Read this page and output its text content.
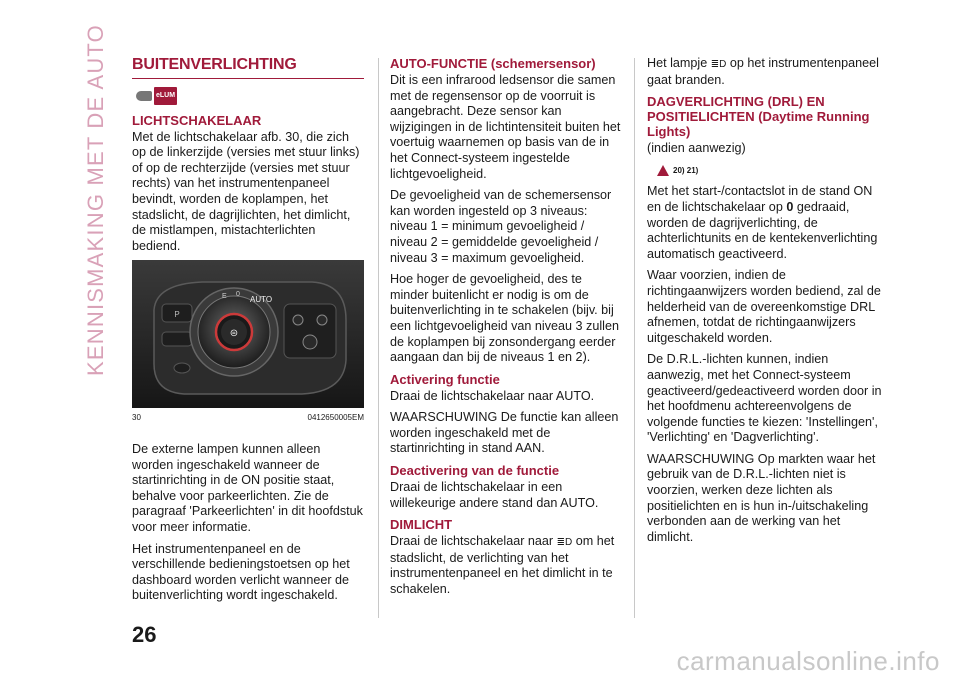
KENNISMAKING MET DE AUTO BUITENVERLICHTING
eLUM
LICHTSCHAKELAAR

Met de lichtschakelaar afb. 30, die zich op de linkerzijde (versies met stuur links) of op de rechterzijde (versies met stuur rechts) van het instrumentenpaneel bevindt, worden de koplampen, het stadslicht, de dagrijlichten, het dimlicht, de mistlampen, mistachterlichten bediend.

P
⊜
AUTO
E 0
30	0412650005EM

De externe lampen kunnen alleen worden ingeschakeld wanneer de startinrichting in de ON positie staat, behalve voor parkeerlichten. Zie de paragraaf 'Parkeerlichten' in dit hoofdstuk voor meer informatie.

Het instrumentenpaneel en de verschillende bedieningstoetsen op het dashboard worden verlicht wanneer de buitenverlichting wordt ingeschakeld.

AUTO-FUNCTIE (schemersensor)

Dit is een infrarood ledsensor die samen met de regensensor op de voorruit is aangebracht. Deze sensor kan wijzigingen in de lichtintensiteit buiten het voertuig waarnemen op basis van de in het Connect-systeem ingestelde lichtgevoeligheid.

De gevoeligheid van de schemersensor kan worden ingesteld op 3 niveaus: niveau 1 = minimum gevoeligheid / niveau 2 = gemiddelde gevoeligheid / niveau 3 = maximum gevoeligheid.

Hoe hoger de gevoeligheid, des te minder buitenlicht er nodig is om de buitenverlichting in te schakelen (bijv. bij een lichtgevoeligheid van niveau 3 zullen de koplampen bij zonsondergang eerder aangaan dan bij de niveaus 1 en 2).

Activering functie

Draai de lichtschakelaar naar AUTO.

WAARSCHUWING De functie kan alleen worden ingeschakeld met de startinrichting in stand AAN.

Deactivering van de functie

Draai de lichtschakelaar in een willekeurige andere stand dan AUTO.

DIMLICHT

Draai de lichtschakelaar naar ≣D om het stadslicht, de verlichting van het instrumentenpaneel en het dimlicht in te schakelen.

Het lampje ≣D op het instrumentenpaneel gaat branden.

DAGVERLICHTING (DRL) EN POSITIELICHTEN (Daytime Running Lights)

(indien aanwezig)

20) 21)

Met het start-/contactslot in de stand ON en de lichtschakelaar op 0 gedraaid, worden de dagrijverlichting, de achterlichtunits en de kentekenverlichting automatisch geactiveerd.

Waar voorzien, indien de richtingaanwijzers worden bediend, zal de helderheid van de overeenkomstige DRL afnemen, totdat de richtingaanwijzers uitgeschakeld worden.

De D.R.L.-lichten kunnen, indien aanwezig, met het Connect-systeem geactiveerd/gedeactiveerd worden door in het hoofdmenu achtereenvolgens de volgende functies te kiezen: 'Instellingen', 'Verlichting' en 'Dagverlichting'.

WAARSCHUWING Op markten waar het gebruik van de D.R.L.-lichten niet is voorzien, werken deze lichten als positielichten en is hun in-/uitschakeling verbonden aan de werking van het dimlicht.

26
carmanualsonline.info
